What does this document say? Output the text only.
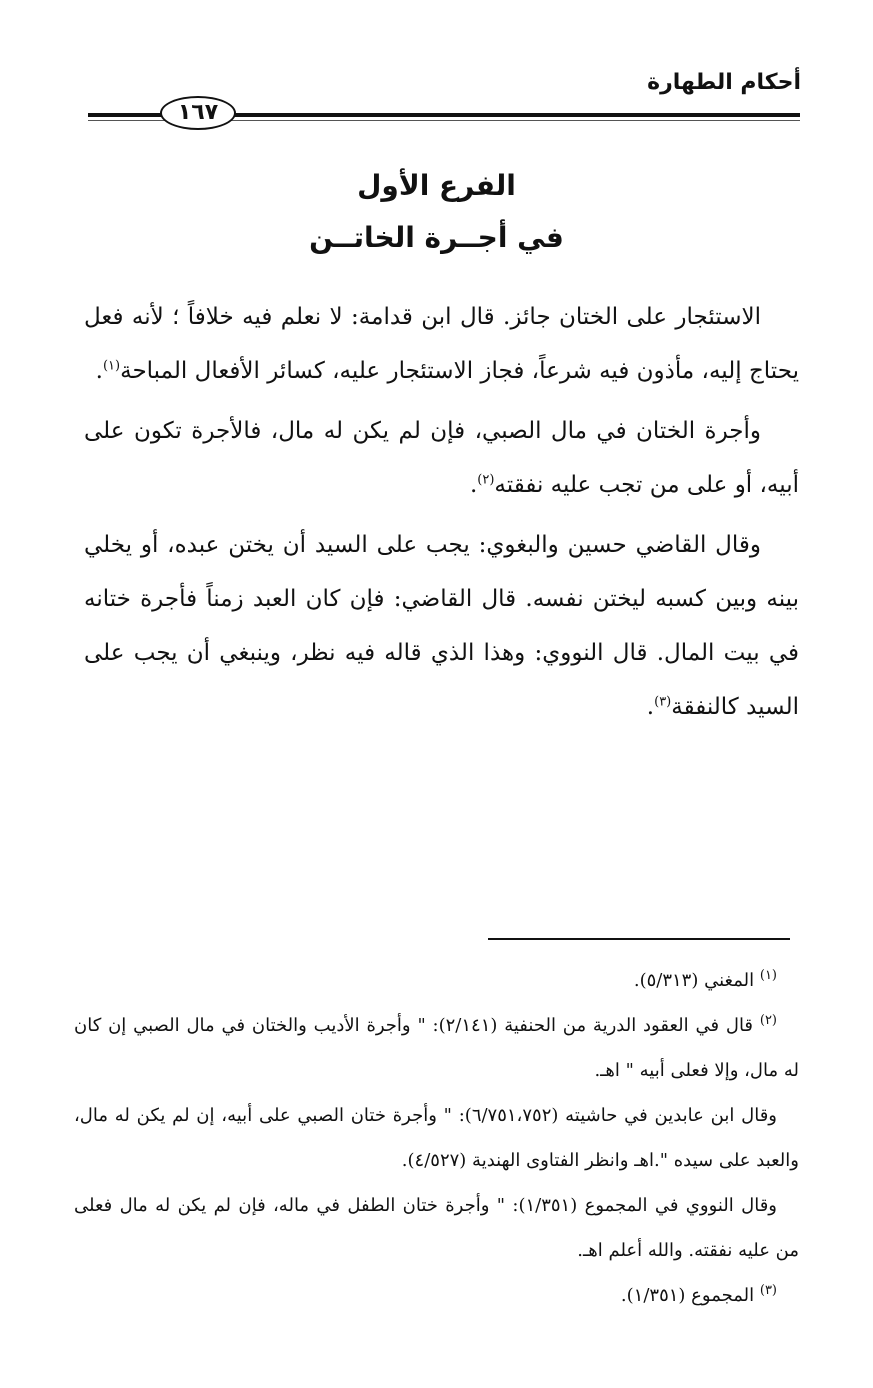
أحكام الطهارة
١٦٧
الفرع الأول
في أجــرة الخاتــن

الاستئجار على الختان جائز. قال ابن قدامة: لا نعلم فيه خلافاً ؛ لأنه فعل يحتاج إليه، مأذون فيه شرعاً، فجاز الاستئجار عليه، كسائر الأفعال المباحة$^{(١)}$.

وأجرة الختان في مال الصبي، فإن لم يكن له مال، فالأجرة تكون على أبيه، أو على من تجب عليه نفقته$^{(٢)}$.

وقال القاضي حسين والبغوي: يجب على السيد أن يختن عبده، أو يخلي بينه وبين كسبه ليختن نفسه. قال القاضي: فإن كان العبد زمناً فأجرة ختانه في بيت المال. قال النووي: وهذا الذي قاله فيه نظر، وينبغي أن يجب على السيد كالنفقة$^{(٣)}$.

$^{(١)}$ المغني (٥/٣١٣).

$^{(٢)}$ قال في العقود الدرية من الحنفية (٢/١٤١): " وأجرة الأديب والختان في مال الصبي إن كان له مال، وإلا فعلى أبيه " اهـ.

وقال ابن عابدين في حاشيته (٦/٧٥١،٧٥٢): " وأجرة ختان الصبي على أبيه، إن لم يكن له مال، والعبد على سيده ".اهـ وانظر الفتاوى الهندية (٤/٥٢٧).

وقال النووي في المجموع (١/٣٥١): " وأجرة ختان الطفل في ماله، فإن لم يكن له مال فعلى من عليه نفقته. والله أعلم اهـ.

$^{(٣)}$ المجموع (١/٣٥١).
